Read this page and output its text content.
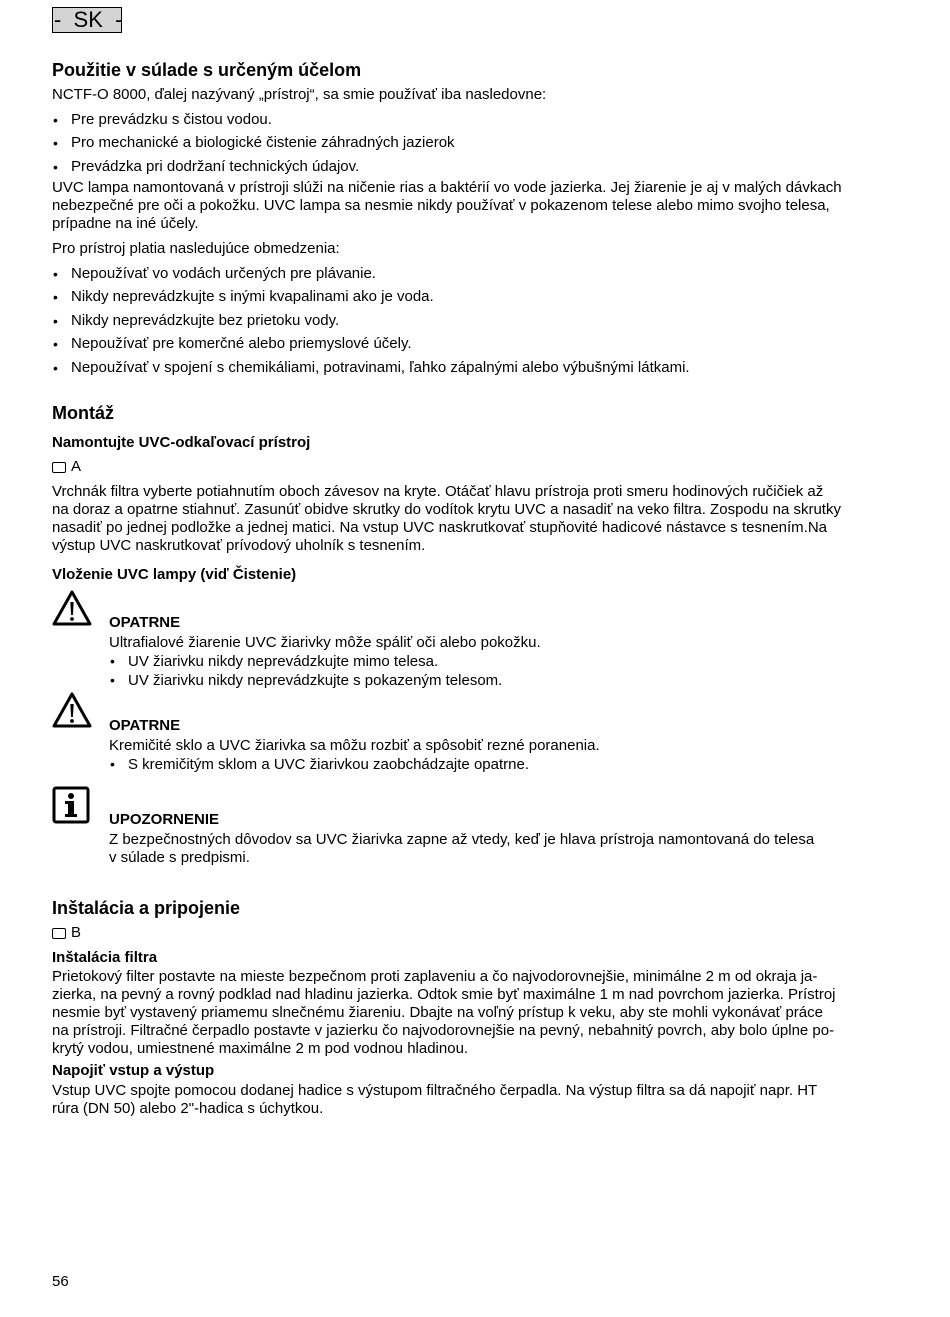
-  SK  -
Použitie v súlade s určeným účelom

NCTF-O 8000, ďalej nazývaný „prístroj“, sa smie používať iba nasledovne:

• Pre prevádzku s čistou vodou.
• Pro mechanické a biologické čistenie záhradných jazierok
• Prevádzka pri dodržaní technických údajov.

UVC lampa namontovaná v prístroji slúži na ničenie rias a baktérií vo vode jazierka. Jej žiarenie je aj v malých dávkach

nebezpečné pre oči a pokožku. UVC lampa sa nesmie nikdy používať v pokazenom telese alebo mimo svojho telesa,

prípadne na iné účely.

Pro prístroj platia nasledujúce obmedzenia:

• Nepoužívať vo vodách určených pre plávanie.
• Nikdy neprevádzkujte s inými kvapalinami ako je voda.
• Nikdy neprevádzkujte bez prietoku vody.
• Nepoužívať pre komerčné alebo priemyslové účely.
• Nepoužívať v spojení s chemikáliami, potravinami, ľahko zápalnými alebo výbušnými látkami.
Montáž
Namontujte UVC-odkaľovací prístroj
A

Vrchnák filtra vyberte potiahnutím oboch závesov na kryte. Otáčať hlavu prístroja proti smeru hodinových ručičiek až

na doraz a opatrne stiahnuť. Zasunúť obidve skrutky do vodítok krytu UVC a nasadiť na veko filtra. Zospodu na skrutky

nasadiť po jednej podložke a jednej matici. Na vstup UVC naskrutkovať stupňovité hadicové nástavce s tesnením.Na

výstup UVC naskrutkovať prívodový uholník s tesnením.

Vloženie UVC lampy (viď Čistenie)
OPATRNE

Ultrafialové žiarenie UVC žiarivky môže spáliť oči alebo pokožku.

• UV žiarivku nikdy neprevádzkujte mimo telesa.
• UV žiarivku nikdy neprevádzkujte s pokazeným telesom.
OPATRNE

Kremičité sklo a UVC žiarivka sa môžu rozbiť a spôsobiť rezné poranenia.

• S kremičitým sklom a UVC žiarivkou zaobchádzajte opatrne.
UPOZORNENIE

Z bezpečnostných dôvodov sa UVC žiarivka zapne až vtedy, keď je hlava prístroja namontovaná do telesa

v súlade s predpismi.

Inštalácia a pripojenie
B
Inštalácia filtra

Prietokový filter postavte na mieste bezpečnom proti zaplaveniu a čo najvodorovnejšie, minimálne 2 m od okraja ja-

zierka, na pevný a rovný podklad nad hladinu jazierka. Odtok smie byť maximálne 1 m nad povrchom jazierka. Prístroj

nesmie byť vystavený priamemu slnečnému žiareniu. Dbajte na voľný prístup k veku, aby ste mohli vykonávať práce

na prístroji. Filtračné čerpadlo postavte v jazierku čo najvodorovnejšie na pevný, nebahnitý povrch, aby bolo úplne po-

krytý vodou, umiestnené maximálne 2 m pod vodnou hladinou.

Napojiť vstup a výstup

Vstup UVC spojte pomocou dodanej hadice s výstupom filtračného čerpadla. Na výstup filtra sa dá napojiť napr. HT

rúra (DN 50) alebo 2"-hadica s úchytkou.

56
